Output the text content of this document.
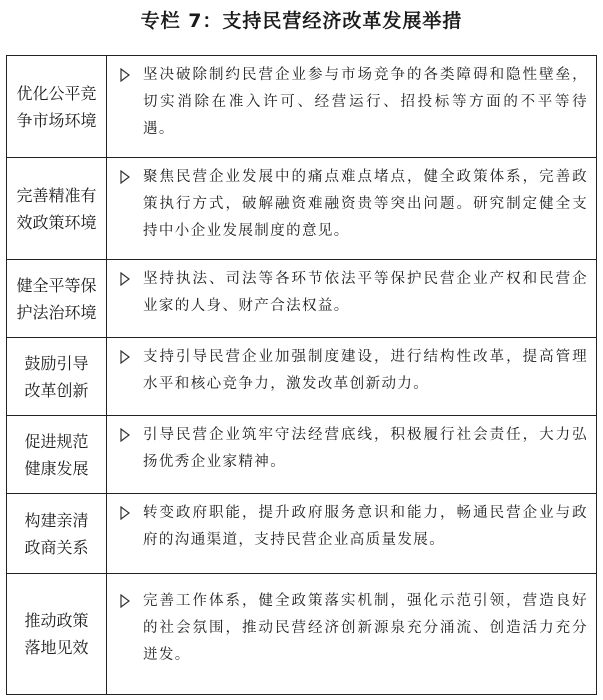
专栏 7：支持民营经济改革发展举措
优化公平竞争市场环境
坚决破除制约民营企业参与市场竞争的各类障碍和隐性壁垒，切实消除在准入许可、经营运行、招投标等方面的不平等待遇。
完善精准有效政策环境
聚焦民营企业发展中的痛点难点堵点，健全政策体系，完善政策执行方式，破解融资难融资贵等突出问题。研究制定健全支持中小企业发展制度的意见。
健全平等保护法治环境
坚持执法、司法等各环节依法平等保护民营企业产权和民营企业家的人身、财产合法权益。
鼓励引导改革创新
支持引导民营企业加强制度建设，进行结构性改革，提高管理水平和核心竞争力，激发改革创新动力。
促进规范健康发展
引导民营企业筑牢守法经营底线，积极履行社会责任，大力弘扬优秀企业家精神。
构建亲清政商关系
转变政府职能，提升政府服务意识和能力，畅通民营企业与政府的沟通渠道，支持民营企业高质量发展。
推动政策落地见效
完善工作体系，健全政策落实机制，强化示范引领，营造良好的社会氛围，推动民营经济创新源泉充分涌流、创造活力充分迸发。
